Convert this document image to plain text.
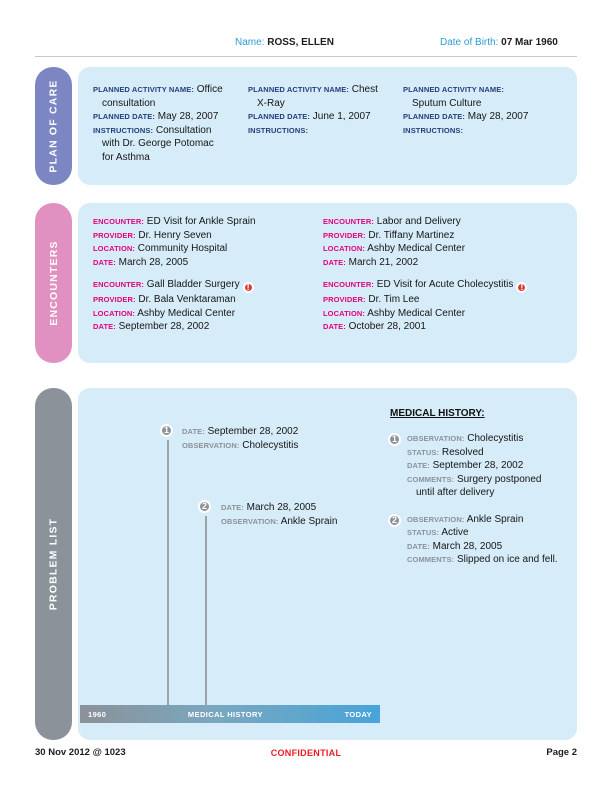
Name: ROSS, ELLEN	Date of Birth: 07 Mar 1960
PLAN OF CARE	PLANNED ACTIVITY NAME: Office consultation
PLANNED DATE: May 28, 2007
INSTRUCTIONS: Consultation with Dr. George Potomac for Asthma
PLANNED ACTIVITY NAME: Chest X-Ray
PLANNED DATE: June 1, 2007
INSTRUCTIONS:
PLANNED ACTIVITY NAME: Sputum Culture
PLANNED DATE: May 28, 2007
INSTRUCTIONS:
ENCOUNTERS
ENCOUNTER: ED Visit for Ankle Sprain
PROVIDER: Dr. Henry Seven
LOCATION: Community Hospital
DATE: March 28, 2005
ENCOUNTER: Gall Bladder Surgery !
PROVIDER: Dr. Bala Venktaraman
LOCATION: Ashby Medical Center
DATE: September 28, 2002
ENCOUNTER: Labor and Delivery
PROVIDER: Dr. Tiffany Martinez
LOCATION: Ashby Medical Center
DATE: March 21, 2002
ENCOUNTER: ED Visit for Acute Cholecystitis !
PROVIDER: Dr. Tim Lee
LOCATION: Ashby Medical Center
DATE: October 28, 2001
PROBLEM LIST
1	DATE: September 28, 2002
OBSERVATION: Cholecystitis
2	DATE: March 28, 2005
OBSERVATION: Ankle Sprain
1960	MEDICAL HISTORY	TODAY
MEDICAL HISTORY:
1	OBSERVATION: Cholecystitis
STATUS: Resolved
DATE: September 28, 2002
COMMENTS: Surgery postponed until after delivery
2	OBSERVATION: Ankle Sprain
STATUS: Active
DATE: March 28, 2005
COMMENTS: Slipped on ice and fell.
30 Nov 2012 @ 1023	CONFIDENTIAL	Page 2
